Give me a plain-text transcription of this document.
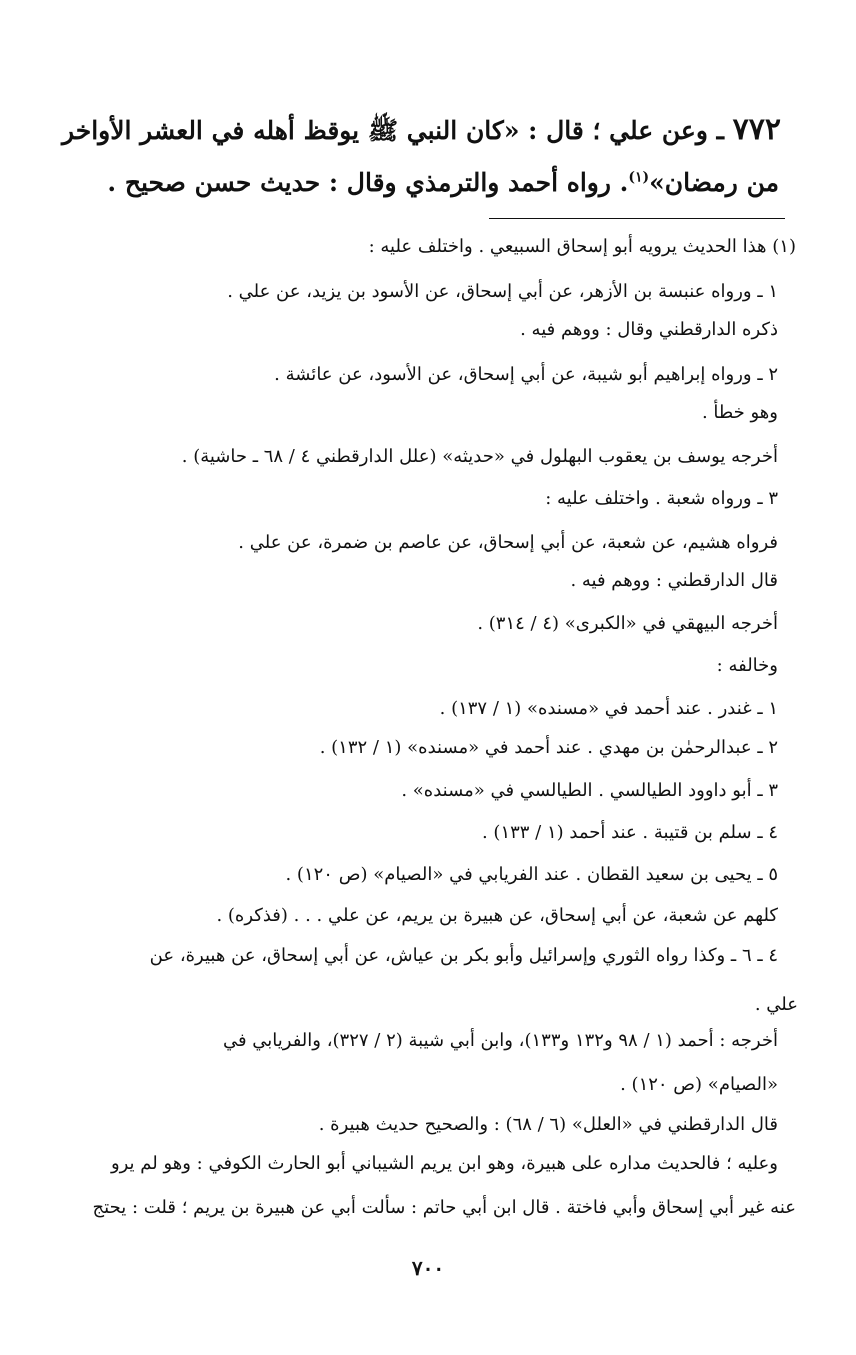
٧٧٢ ـ وعن علي ؛ قال : «كان النبي ﷺ يوقظ أهله في العشر الأواخر
من رمضان»$^{(١)}$. رواه أحمد والترمذي وقال : حديث حسن صحيح .
(١) هذا الحديث يرويه أبو إسحاق السبيعي . واختلف عليه :
١ ـ ورواه عنبسة بن الأزهر، عن أبي إسحاق، عن الأسود بن يزيد، عن علي .
ذكره الدارقطني وقال : ووهم فيه .
٢ ـ ورواه إبراهيم أبو شيبة، عن أبي إسحاق، عن الأسود، عن عائشة .
وهو خطأ .
أخرجه يوسف بن يعقوب البهلول في «حديثه» (علل الدارقطني ٤ / ٦٨ ـ حاشية) .
٣ ـ ورواه شعبة . واختلف عليه :
فرواه هشيم، عن شعبة، عن أبي إسحاق، عن عاصم بن ضمرة، عن علي .
قال الدارقطني : ووهم فيه .
أخرجه البيهقي في «الكبرى» (٤ / ٣١٤) .
وخالفه :
١ ـ غندر . عند أحمد في «مسنده» (١ / ١٣٧) .
٢ ـ عبدالرحمٰن بن مهدي . عند أحمد في «مسنده» (١ / ١٣٢) .
٣ ـ أبو داوود الطيالسي . الطيالسي في «مسنده» .
٤ ـ سلم بن قتيبة . عند أحمد (١ / ١٣٣) .
٥ ـ يحيى بن سعيد القطان . عند الفريابي في «الصيام» (ص ١٢٠) .
كلهم عن شعبة، عن أبي إسحاق، عن هبيرة بن يريم، عن علي . . . (فذكره) .
٤ ـ ٦ ـ وكذا رواه الثوري وإسرائيل وأبو بكر بن عياش، عن أبي إسحاق، عن هبيرة، عن
علي .
أخرجه : أحمد (١ / ٩٨ و١٣٢ و١٣٣)، وابن أبي شيبة (٢ / ٣٢٧)، والفريابي في
«الصيام» (ص ١٢٠) .
قال الدارقطني في «العلل» (٦ / ٦٨) : والصحيح حديث هبيرة .
وعليه ؛ فالحديث مداره على هبيرة، وهو ابن يريم الشيباني أبو الحارث الكوفي : وهو لم يرو
عنه غير أبي إسحاق وأبي فاختة . قال ابن أبي حاتم : سألت أبي عن هبيرة بن يريم ؛ قلت : يحتج
٧٠٠
